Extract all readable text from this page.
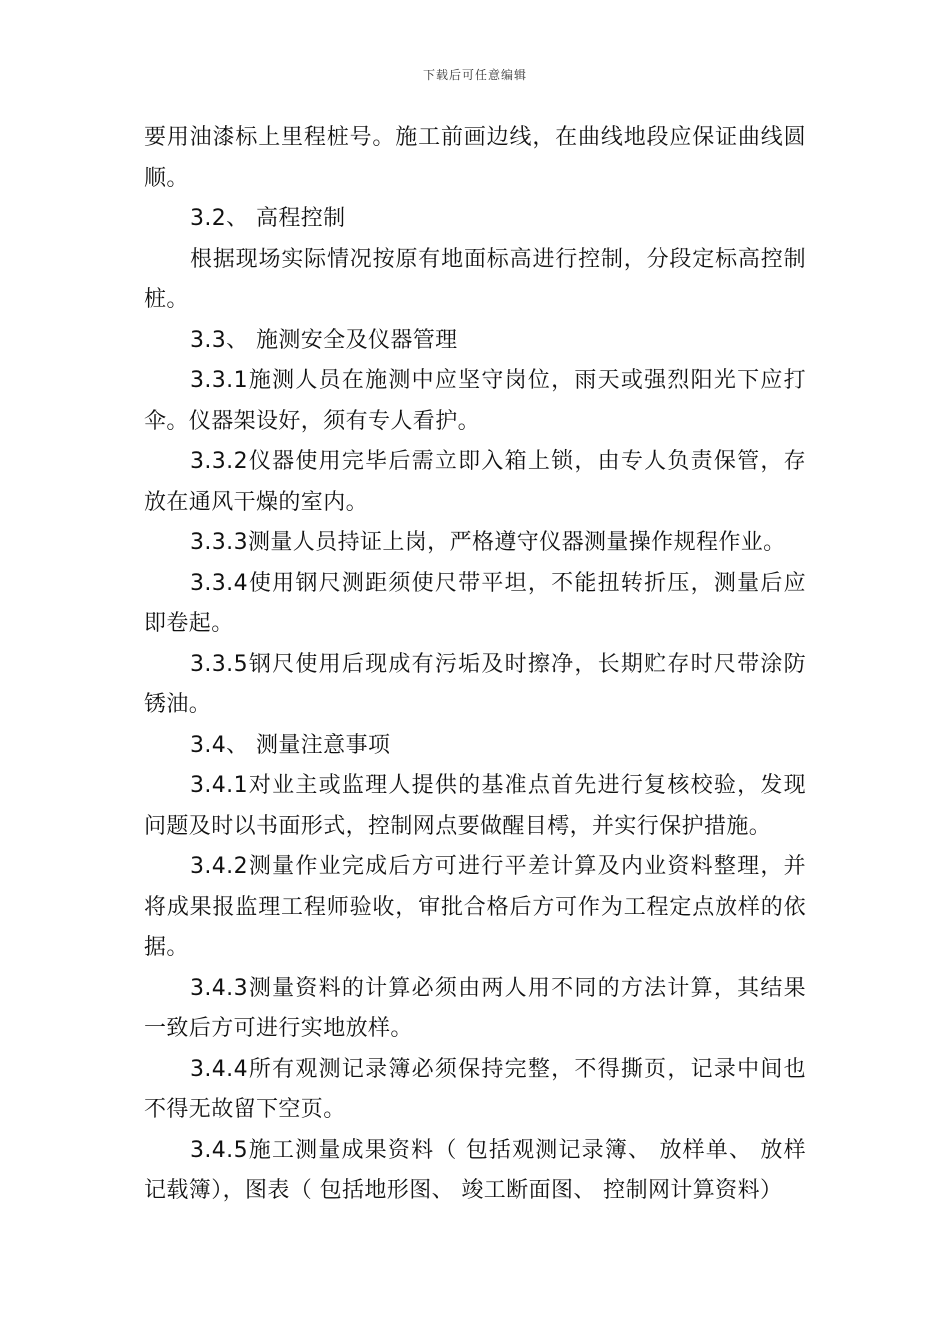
下载后可任意编辑

要用油漆标上里程桩号。施工前画边线，在曲线地段应保证曲线圆顺。

3.2、 高程控制

根据现场实际情况按原有地面标高进行控制，分段定标高控制桩。

3.3、 施测安全及仪器管理

3.3.1施测人员在施测中应坚守岗位，雨天或强烈阳光下应打伞。仪器架设好，须有专人看护。

3.3.2仪器使用完毕后需立即入箱上锁，由专人负责保管，存放在通风干燥的室内。

3.3.3测量人员持证上岗，严格遵守仪器测量操作规程作业。

3.3.4使用钢尺测距须使尺带平坦，不能扭转折压，测量后应即卷起。

3.3.5钢尺使用后现成有污垢及时擦净，长期贮存时尺带涂防锈油。

3.4、 测量注意事项

3.4.1对业主或监理人提供的基准点首先进行复核校验，发现问题及时以书面形式，控制网点要做醒目樗，并实行保护措施。

3.4.2测量作业完成后方可进行平差计算及内业资料整理，并将成果报监理工程师验收，审批合格后方可作为工程定点放样的依据。

3.4.3测量资料的计算必须由两人用不同的方法计算，其结果一致后方可进行实地放样。

3.4.4所有观测记录簿必须保持完整，不得撕页，记录中间也不得无故留下空页。

3.4.5施工测量成果资料（ 包括观测记录簿、 放样单、 放样记载簿），图表（ 包括地形图、 竣工断面图、 控制网计算资料）
